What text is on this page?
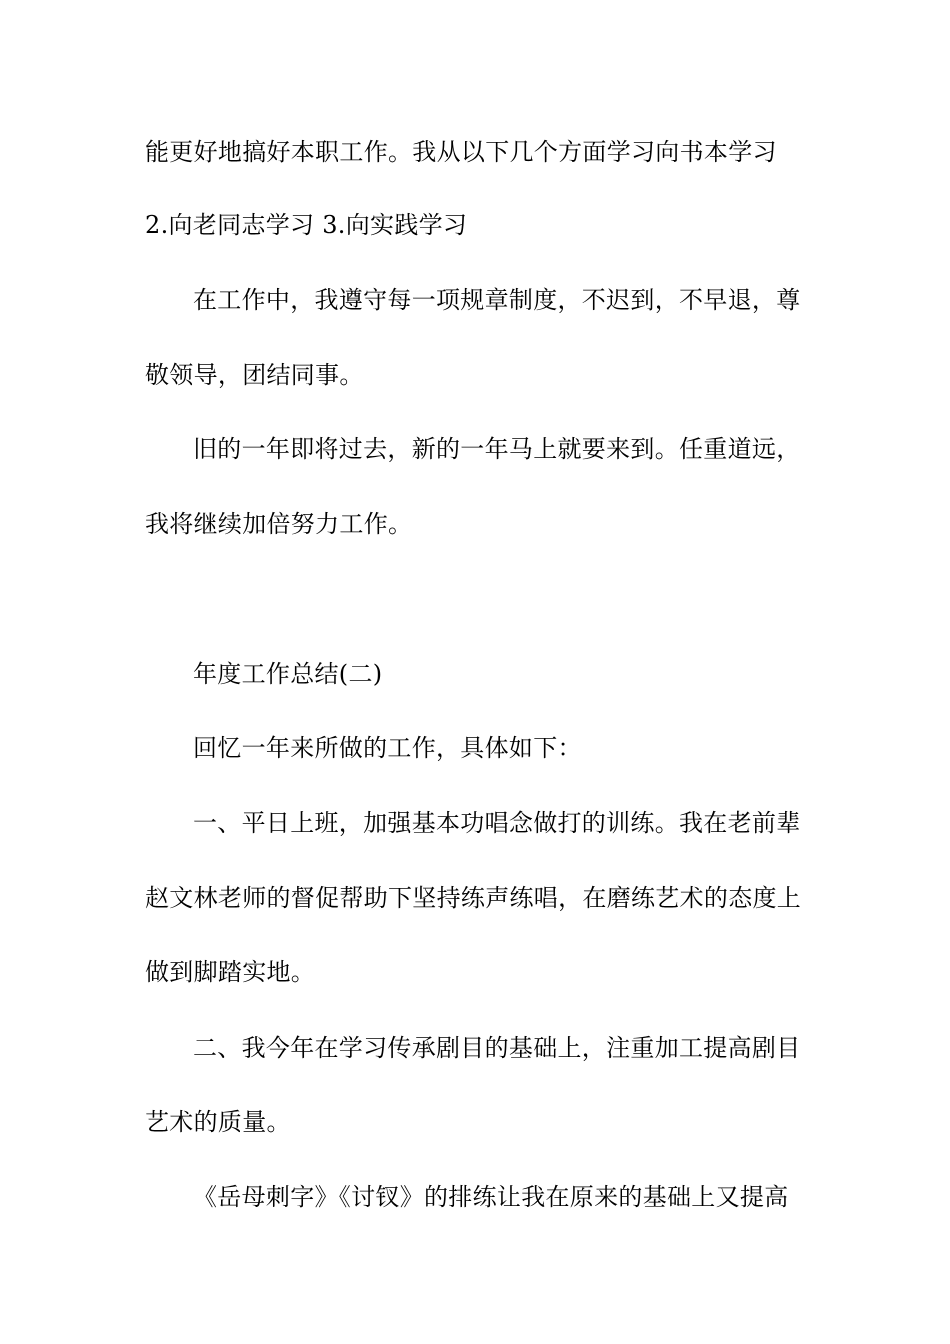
能更好地搞好本职工作。我从以下几个方面学习向书本学习
2.向老同志学习 3.向实践学习
在工作中，我遵守每一项规章制度，不迟到，不早退，尊
敬领导，团结同事。
旧的一年即将过去，新的一年马上就要来到。任重道远，
我将继续加倍努力工作。
年度工作总结(二)
回忆一年来所做的工作，具体如下：
一、平日上班，加强基本功唱念做打的训练。我在老前辈
赵文林老师的督促帮助下坚持练声练唱，在磨练艺术的态度上
做到脚踏实地。
二、我今年在学习传承剧目的基础上，注重加工提高剧目
艺术的质量。
《岳母刺字》《讨钗》的排练让我在原来的基础上又提高
